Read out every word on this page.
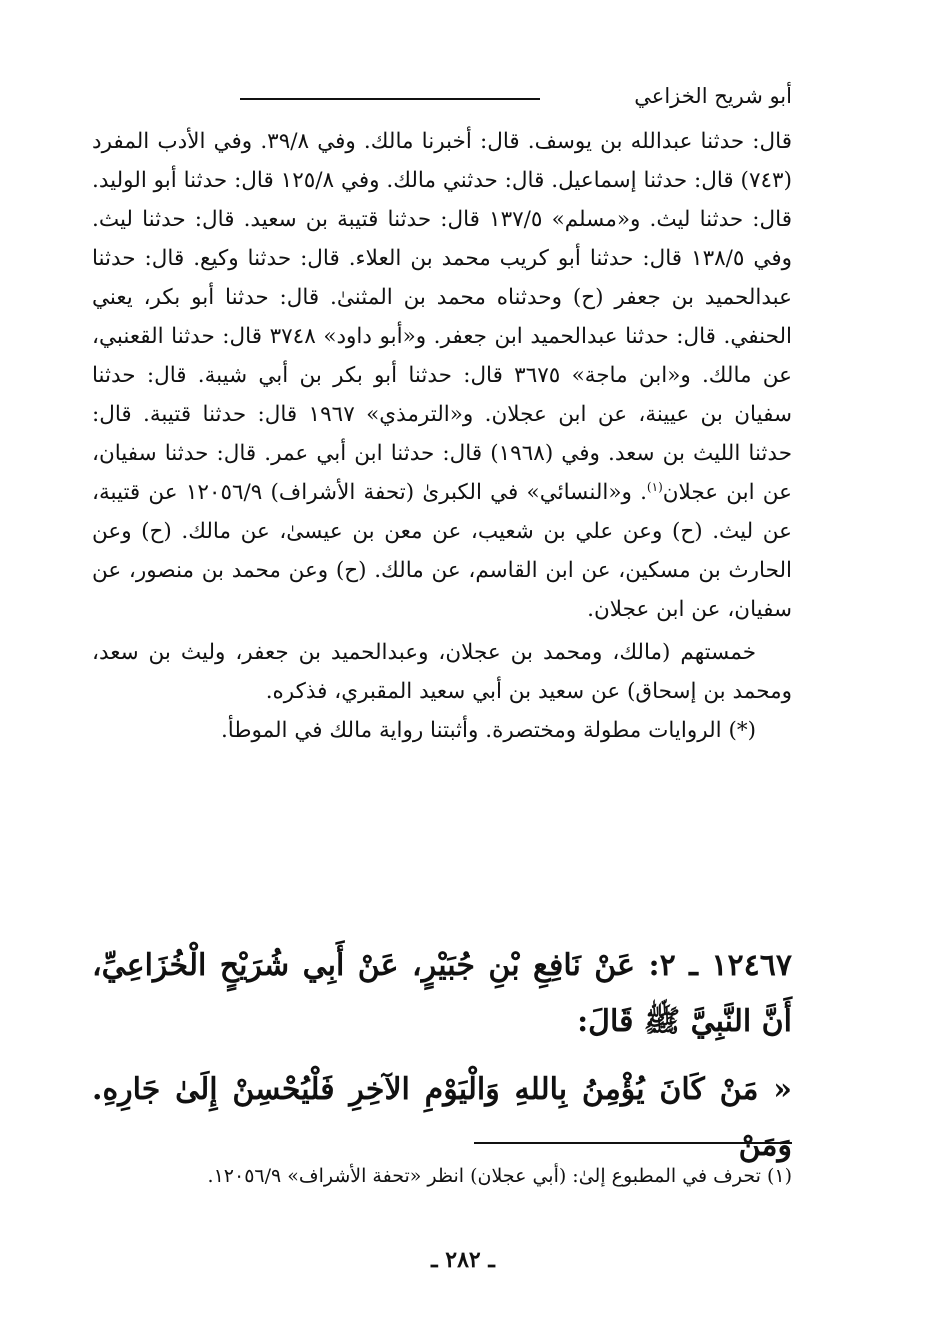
أبو شريح الخزاعي

قال: حدثنا عبدالله بن يوسف. قال: أخبرنا مالك. وفي ٣٩/٨. وفي الأدب المفرد (٧٤٣) قال: حدثنا إسماعيل. قال: حدثني مالك. وفي ١٢٥/٨ قال: حدثنا أبو الوليد. قال: حدثنا ليث. و«مسلم» ١٣٧/٥ قال: حدثنا قتيبة بن سعيد. قال: حدثنا ليث. وفي ١٣٨/٥ قال: حدثنا أبو كريب محمد بن العلاء. قال: حدثنا وكيع. قال: حدثنا عبدالحميد بن جعفر (ح) وحدثناه محمد بن المثنىٰ. قال: حدثنا أبو بكر، يعني الحنفي. قال: حدثنا عبدالحميد ابن جعفر. و«أبو داود» ٣٧٤٨ قال: حدثنا القعنبي، عن مالك. و«ابن ماجة» ٣٦٧٥ قال: حدثنا أبو بكر بن أبي شيبة. قال: حدثنا سفيان بن عيينة، عن ابن عجلان. و«الترمذي» ١٩٦٧ قال: حدثنا قتيبة. قال: حدثنا الليث بن سعد. وفي (١٩٦٨) قال: حدثنا ابن أبي عمر. قال: حدثنا سفيان، عن ابن عجلان$^{(١)}$. و«النسائي» في الكبرىٰ (تحفة الأشراف) ١٢٠٥٦/٩ عن قتيبة، عن ليث. (ح) وعن علي بن شعيب، عن معن بن عيسىٰ، عن مالك. (ح) وعن الحارث بن مسكين، عن ابن القاسم، عن مالك. (ح) وعن محمد بن منصور، عن سفيان، عن ابن عجلان.

خمستهم (مالك، ومحمد بن عجلان، وعبدالحميد بن جعفر، وليث بن سعد، ومحمد بن إسحاق) عن سعيد بن أبي سعيد المقبري، فذكره.

(*) الروايات مطولة ومختصرة. وأثبتنا رواية مالك في الموطأ.

١٢٤٦٧ ـ ٢: عَنْ نَافِعِ بْنِ جُبَيْرٍ، عَنْ أَبِي شُرَيْحٍ الْخُزَاعِيِّ، أَنَّ النَّبِيَّ ﷺ قَالَ:

« مَنْ كَانَ يُؤْمِنُ بِاللهِ وَالْيَوْمِ الآخِرِ فَلْيُحْسِنْ إِلَىٰ جَارِهِ. وَمَنْ

(١) تحرف في المطبوع إلىٰ: (أبي عجلان) انظر «تحفة الأشراف» ١٢٠٥٦/٩.
ـ ٢٨٢ ـ
